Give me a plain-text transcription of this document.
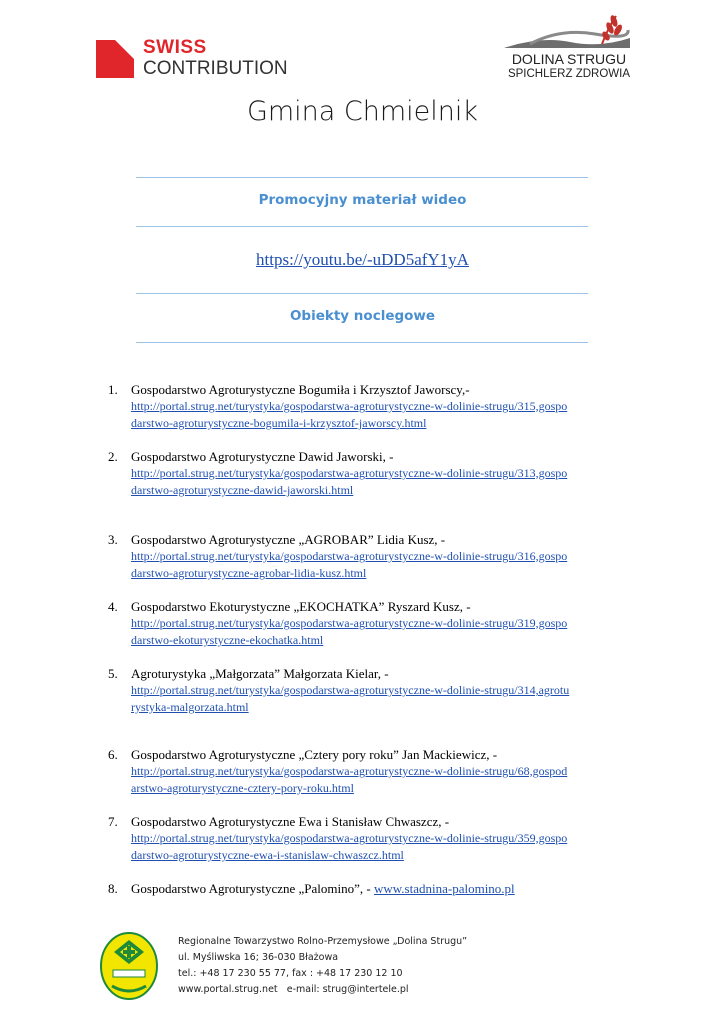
SWISS
CONTRIBUTION	DOLINA STRUGU
SPICHLERZ ZDROWIA
Gmina Chmielnik
Promocyjny materiał wideo
https://youtu.be/-uDD5afY1yA
Obiekty noclegowe
1. Gospodarstwo Agroturystyczne Bogumiła i Krzysztof Jaworscy,-
http://portal.strug.net/turystyka/gospodarstwa-agroturystyczne-w-dolinie-strugu/315,gospodarstwo-agroturystyczne-bogumila-i-krzysztof-jaworscy.html
2. Gospodarstwo Agroturystyczne Dawid Jaworski, -
http://portal.strug.net/turystyka/gospodarstwa-agroturystyczne-w-dolinie-strugu/313,gospodarstwo-agroturystyczne-dawid-jaworski.html
3. Gospodarstwo Agroturystyczne „AGROBAR” Lidia Kusz, -
http://portal.strug.net/turystyka/gospodarstwa-agroturystyczne-w-dolinie-strugu/316,gospodarstwo-agroturystyczne-agrobar-lidia-kusz.html
4. Gospodarstwo Ekoturystyczne „EKOCHATKA” Ryszard Kusz, -
http://portal.strug.net/turystyka/gospodarstwa-agroturystyczne-w-dolinie-strugu/319,gospodarstwo-ekoturystyczne-ekochatka.html
5. Agroturystyka „Małgorzata” Małgorzata Kielar, -
http://portal.strug.net/turystyka/gospodarstwa-agroturystyczne-w-dolinie-strugu/314,agroturystyka-malgorzata.html
6. Gospodarstwo Agroturystyczne „Cztery pory roku” Jan Mackiewicz, -
http://portal.strug.net/turystyka/gospodarstwa-agroturystyczne-w-dolinie-strugu/68,gospodarstwo-agroturystyczne-cztery-pory-roku.html
7. Gospodarstwo Agroturystyczne Ewa i Stanisław Chwaszcz, -
http://portal.strug.net/turystyka/gospodarstwa-agroturystyczne-w-dolinie-strugu/359,gospodarstwo-agroturystyczne-ewa-i-stanislaw-chwaszcz.html
8. Gospodarstwo Agroturystyczne „Palomino”, - www.stadnina-palomino.pl
Regionalne Towarzystwo Rolno-Przemysłowe „Dolina Strugu”
ul. Myśliwska 16; 36-030 Błażowa
tel.: +48 17 230 55 77, fax : +48 17 230 12 10
www.portal.strug.net e-mail: strug@intertele.pl
